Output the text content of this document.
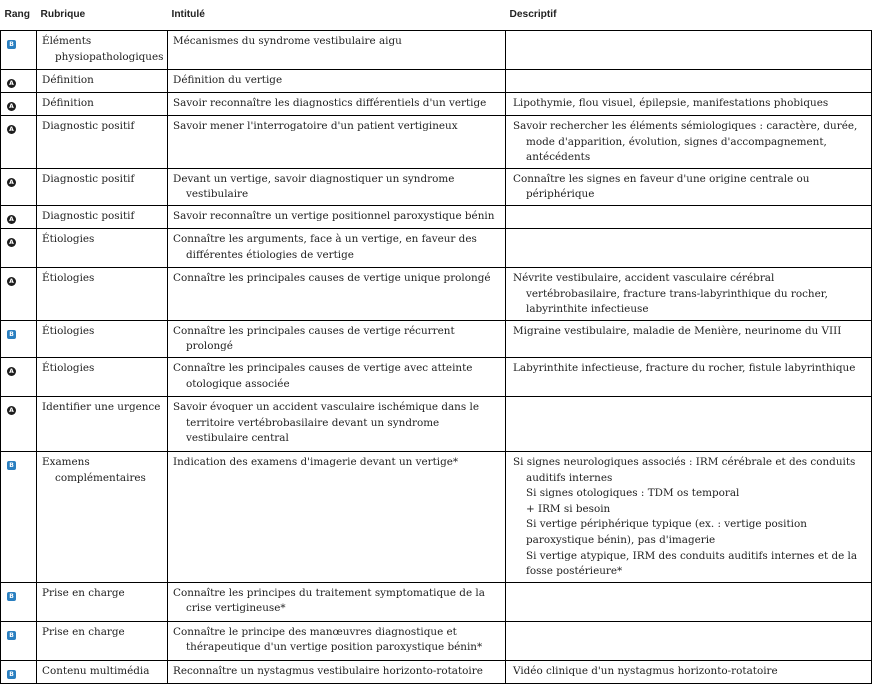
Rang	Rubrique	Intitulé	Descriptif
B	Éléments physiopathologiques	Mécanismes du syndrome vestibulaire aigu	
A	Définition	Définition du vertige	
A	Définition	Savoir reconnaître les diagnostics différentiels d'un vertige	Lipothymie, flou visuel, épilepsie, manifestations phobiques

A	Diagnostic positif	Savoir mener l'interrogatoire d'un patient vertigineux	Savoir rechercher les éléments sémiologiques : caractère, durée, mode d'apparition, évolution, signes d'accompagnement, antécédents

A	Diagnostic positif	Devant un vertige, savoir diagnostiquer un syndrome vestibulaire	Connaître les signes en faveur d'une origine centrale ou périphérique

A	Diagnostic positif	Savoir reconnaître un vertige positionnel paroxystique bénin	
A	Étiologies	Connaître les arguments, face à un vertige, en faveur des différentes étiologies de vertige	
A	Étiologies	Connaître les principales causes de vertige unique prolongé	Névrite vestibulaire, accident vasculaire cérébral vertébrobasilaire, fracture trans-labyrinthique du rocher, labyrinthite infectieuse

B	Étiologies	Connaître les principales causes de vertige récurrent prolongé	Migraine vestibulaire, maladie de Menière, neurinome du VIII

A	Étiologies	Connaître les principales causes de vertige avec atteinte otologique associée	Labyrinthite infectieuse, fracture du rocher, fistule labyrinthique

A	Identifier une urgence	Savoir évoquer un accident vasculaire ischémique dans le territoire vertébrobasilaire devant un syndrome vestibulaire central	
B	Examens complémentaires	Indication des examens d'imagerie devant un vertige*	Si signes neurologiques associés : IRM cérébrale et des conduits auditifs internes
Si signes otologiques : TDM os temporal
+ IRM si besoin
Si vertige périphérique typique (ex. : vertige position paroxystique bénin), pas d'imagerie
Si vertige atypique, IRM des conduits auditifs internes et de la fosse postérieure*

B	Prise en charge	Connaître les principes du traitement symptomatique de la crise vertigineuse*	
B	Prise en charge	Connaître le principe des manœuvres diagnostique et thérapeutique d'un vertige position paroxystique bénin*	
B	Contenu multimédia	Reconnaître un nystagmus vestibulaire horizonto-rotatoire	Vidéo clinique d'un nystagmus horizonto-rotatoire
